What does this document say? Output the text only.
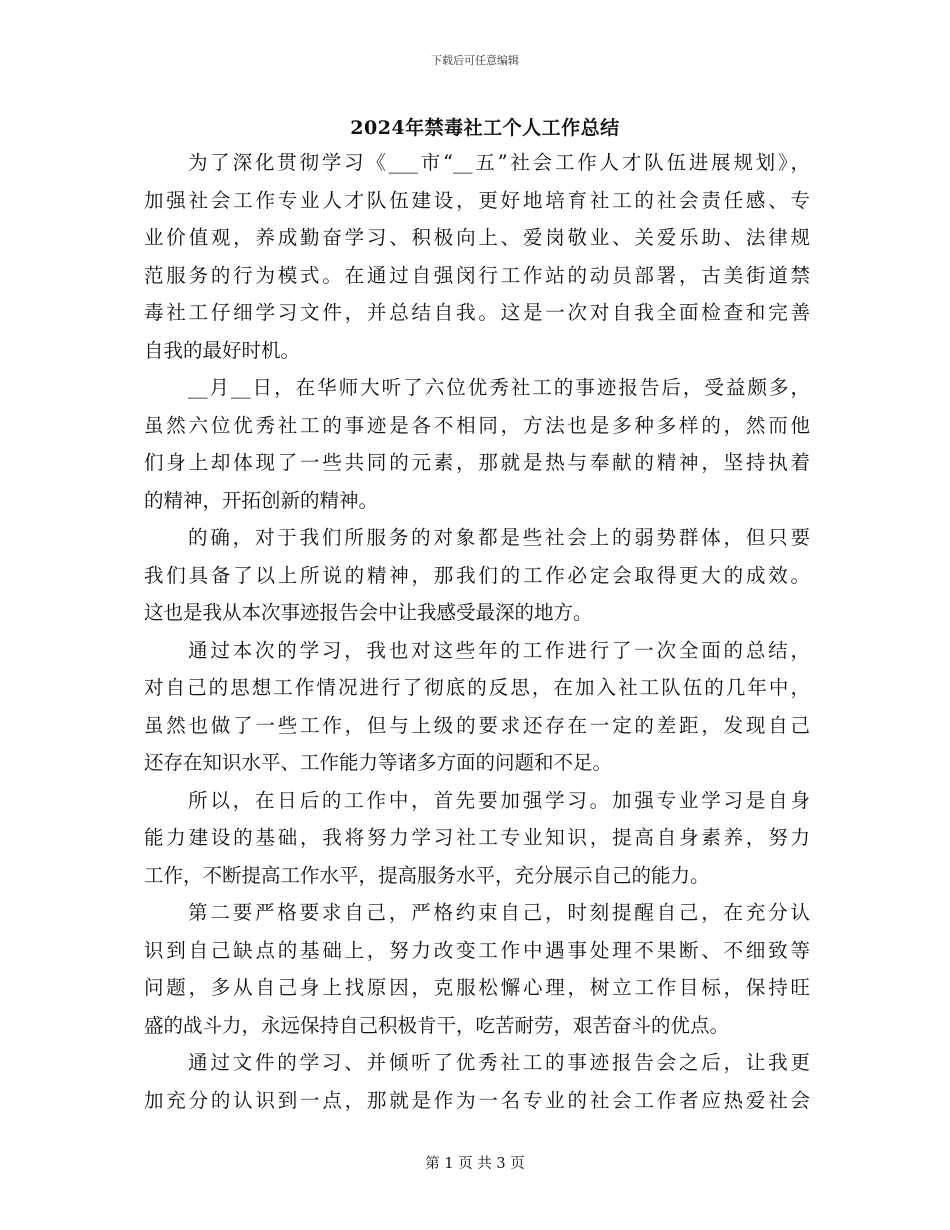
下载后可任意编辑
2024年禁毒社工个人工作总结
为了深化贯彻学习《___市“__五”社会工作人才队伍进展规划》，
加强社会工作专业人才队伍建设，更好地培育社工的社会责任感、专
业价值观，养成勤奋学习、积极向上、爱岗敬业、关爱乐助、法律规
范服务的行为模式。在通过自强闵行工作站的动员部署，古美街道禁
毒社工仔细学习文件，并总结自我。这是一次对自我全面检查和完善
自我的最好时机。
__月__日，在华师大听了六位优秀社工的事迹报告后，受益颇多，
虽然六位优秀社工的事迹是各不相同，方法也是多种多样的，然而他
们身上却体现了一些共同的元素，那就是热与奉献的精神，坚持执着
的精神，开拓创新的精神。
的确，对于我们所服务的对象都是些社会上的弱势群体，但只要
我们具备了以上所说的精神，那我们的工作必定会取得更大的成效。
这也是我从本次事迹报告会中让我感受最深的地方。
通过本次的学习，我也对这些年的工作进行了一次全面的总结，
对自己的思想工作情况进行了彻底的反思，在加入社工队伍的几年中，
虽然也做了一些工作，但与上级的要求还存在一定的差距，发现自己
还存在知识水平、工作能力等诸多方面的问题和不足。
所以，在日后的工作中，首先要加强学习。加强专业学习是自身
能力建设的基础，我将努力学习社工专业知识，提高自身素养，努力
工作，不断提高工作水平，提高服务水平，充分展示自己的能力。
第二要严格要求自己，严格约束自己，时刻提醒自己，在充分认
识到自己缺点的基础上，努力改变工作中遇事处理不果断、不细致等
问题，多从自己身上找原因，克服松懈心理，树立工作目标，保持旺
盛的战斗力，永远保持自己积极肯干，吃苦耐劳，艰苦奋斗的优点。
通过文件的学习、并倾听了优秀社工的事迹报告会之后，让我更
加充分的认识到一点，那就是作为一名专业的社会工作者应热爱社会
第 1 页 共 3 页
